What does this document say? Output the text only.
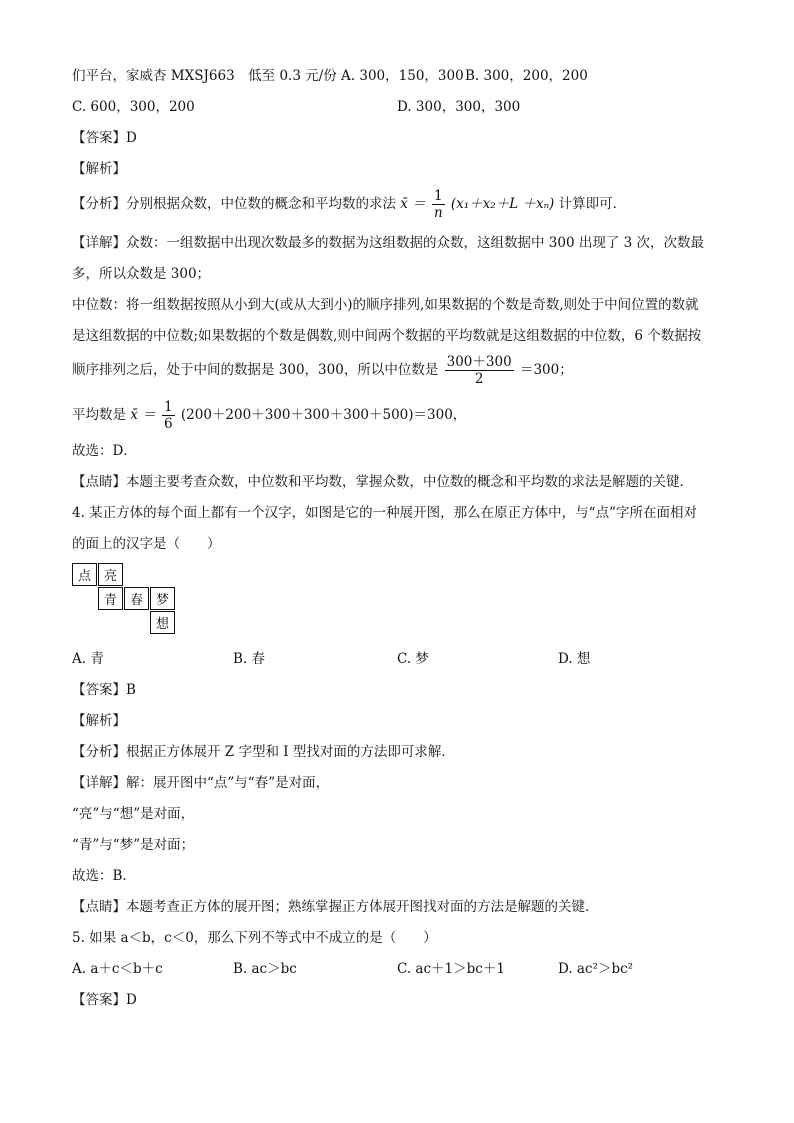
们平台，家威杏 MXSJ663　低至 0.3 元/份 A. 300，150，300 B. 300，200，200
C. 600，300，200	D. 300，300，300
【答案】D
【解析】
【分析】分别根据众数，中位数的概念和平均数的求法 x̄ ＝ $\frac{1}{n} (x_1+x_2+L +x_n)$ 计算即可．
【详解】众数：一组数据中出现次数最多的数据为这组数据的众数，这组数据中 300 出现了 3 次，次数最
多，所以众数是 300；
中位数：将一组数据按照从小到大(或从大到小)的顺序排列,如果数据的个数是奇数,则处于中间位置的数就
是这组数据的中位数;如果数据的个数是偶数,则中间两个数据的平均数就是这组数据的中位数，6 个数据按
顺序排列之后，处于中间的数据是 300，300，所以中位数是 $\frac{300+300}{2} =300$；
平均数是 x̄ ＝ $\frac{1}{6} (200+200+300+300+300+500)=300$，
故选：D．
【点睛】本题主要考查众数，中位数和平均数，掌握众数，中位数的概念和平均数的求法是解题的关键．
4. 某正方体的每个面上都有一个汉字，如图是它的一种展开图，那么在原正方体中，与“点”字所在面相对
的面上的汉字是（　　）
点 亮
青 春 梦
想
A. 青	B. 春	C. 梦	D. 想
【答案】B
【解析】
【分析】根据正方体展开 Z 字型和 I 型找对面的方法即可求解．
【详解】解：展开图中“点”与“春”是对面，
“亮”与“想”是对面，
“青”与“梦”是对面；
故选：B．
【点睛】本题考查正方体的展开图；熟练掌握正方体展开图找对面的方法是解题的关键．
5. 如果 a＜b，c＜0，那么下列不等式中不成立的是（　　）
A. a＋c＜b＋c	B. ac＞bc	C. ac＋1＞bc＋1	D. ac²＞bc²
【答案】D
